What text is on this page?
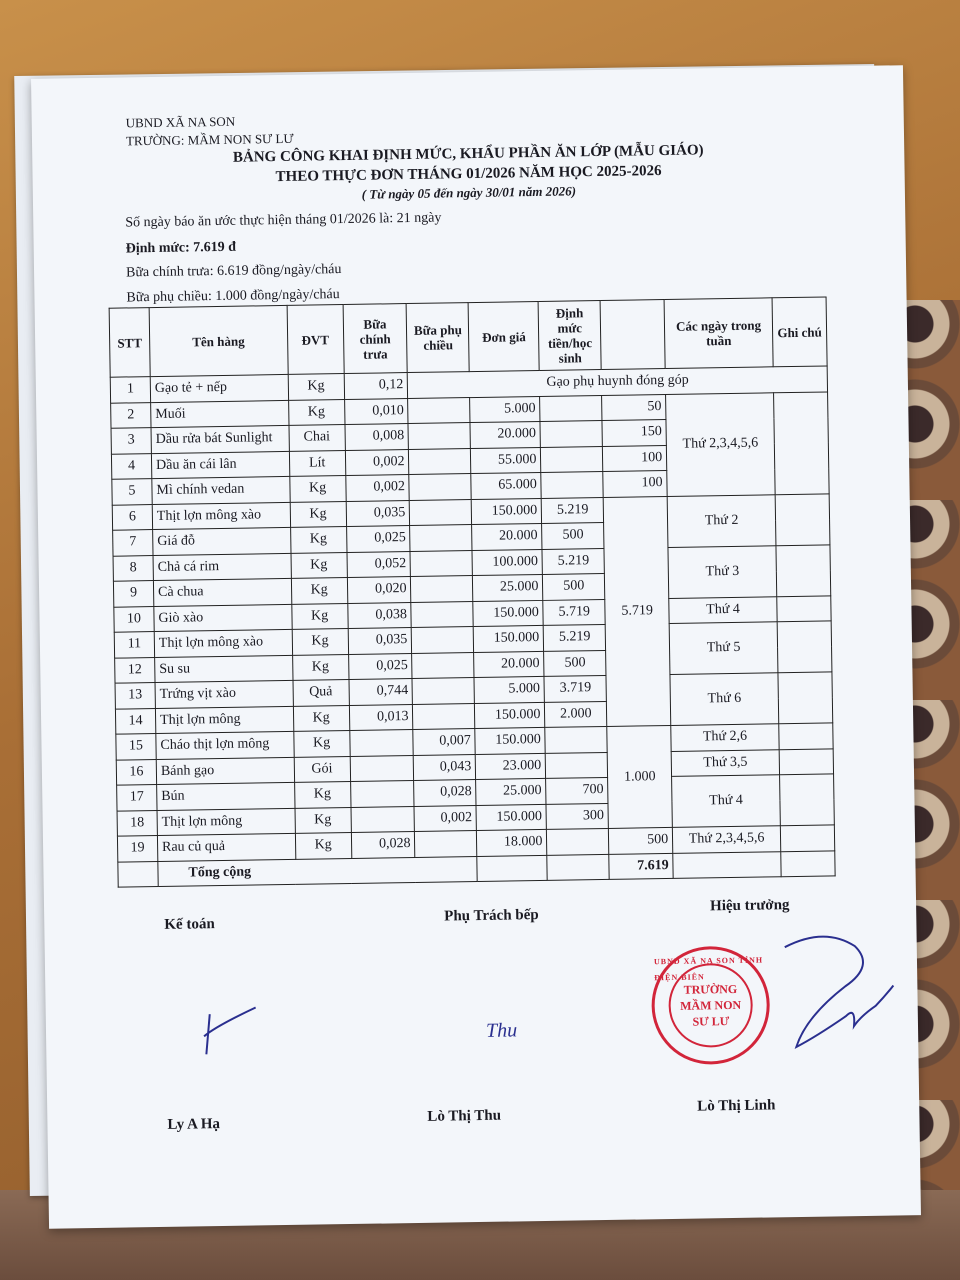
UBND XÃ NA SON
TRƯỜNG: MẦM NON SƯ LƯ
BẢNG CÔNG KHAI ĐỊNH MỨC, KHẨU PHẦN ĂN LỚP (MẪU GIÁO)
THEO THỰC ĐƠN THÁNG 01/2026 NĂM HỌC 2025-2026
( Từ ngày 05 đến ngày 30/01 năm 2026)
Số ngày báo ăn ước thực hiện tháng 01/2026 là: 21 ngày
Định mức: 7.619 đ
Bữa chính trưa: 6.619 đồng/ngày/cháu
Bữa phụ chiều: 1.000 đồng/ngày/cháu
STT	Tên hàng	ĐVT	Bữa chính trưa	Bữa phụ chiều	Đơn giá	Định mức tiền/học sinh		Các ngày trong tuần	Ghi chú
1	Gạo tẻ + nếp	Kg	0,12	Gạo phụ huynh đóng góp					
2	Muối	Kg	0,010		5.000		50	Thứ 2,3,4,5,6	
3	Dầu rửa bát Sunlight	Chai	0,008		20.000		150		
4	Dầu ăn cái lân	Lít	0,002		55.000		100		
5	Mì chính vedan	Kg	0,002		65.000		100		
6	Thịt lợn mông xào	Kg	0,035		150.000	5.219	5.719	Thứ 2	
7	Giá đỗ	Kg	0,025		20.000	500			
8	Chả cá rim	Kg	0,052		100.000	5.219		Thứ 3	
9	Cà chua	Kg	0,020		25.000	500			
10	Giò xào	Kg	0,038		150.000	5.719		Thứ 4	
11	Thịt lợn mông xào	Kg	0,035		150.000	5.219		Thứ 5	
12	Su su	Kg	0,025		20.000	500			
13	Trứng vịt xào	Quả	0,744		5.000	3.719		Thứ 6	
14	Thịt lợn mông	Kg	0,013		150.000	2.000			
15	Cháo thịt lợn mông	Kg		0,007	150.000		1.000	Thứ 2,6	
16	Bánh gạo	Gói		0,043	23.000			Thứ 3,5	
17	Bún	Kg		0,028	25.000	700		Thứ 4	
18	Thịt lợn mông	Kg		0,002	150.000	300			
19	Rau củ quả	Kg	0,028		18.000		500	Thứ 2,3,4,5,6	
	Tổng cộng						7.619		
Kế toán
Phụ Trách bếp
Hiệu trưởng
Thu
UBND XÃ NA SON TỈNH ĐIỆN BIÊN
TRƯỜNG
MẦM NON
SƯ LƯ
Ly A Hạ	Lò Thị Thu
Lò Thị Linh
